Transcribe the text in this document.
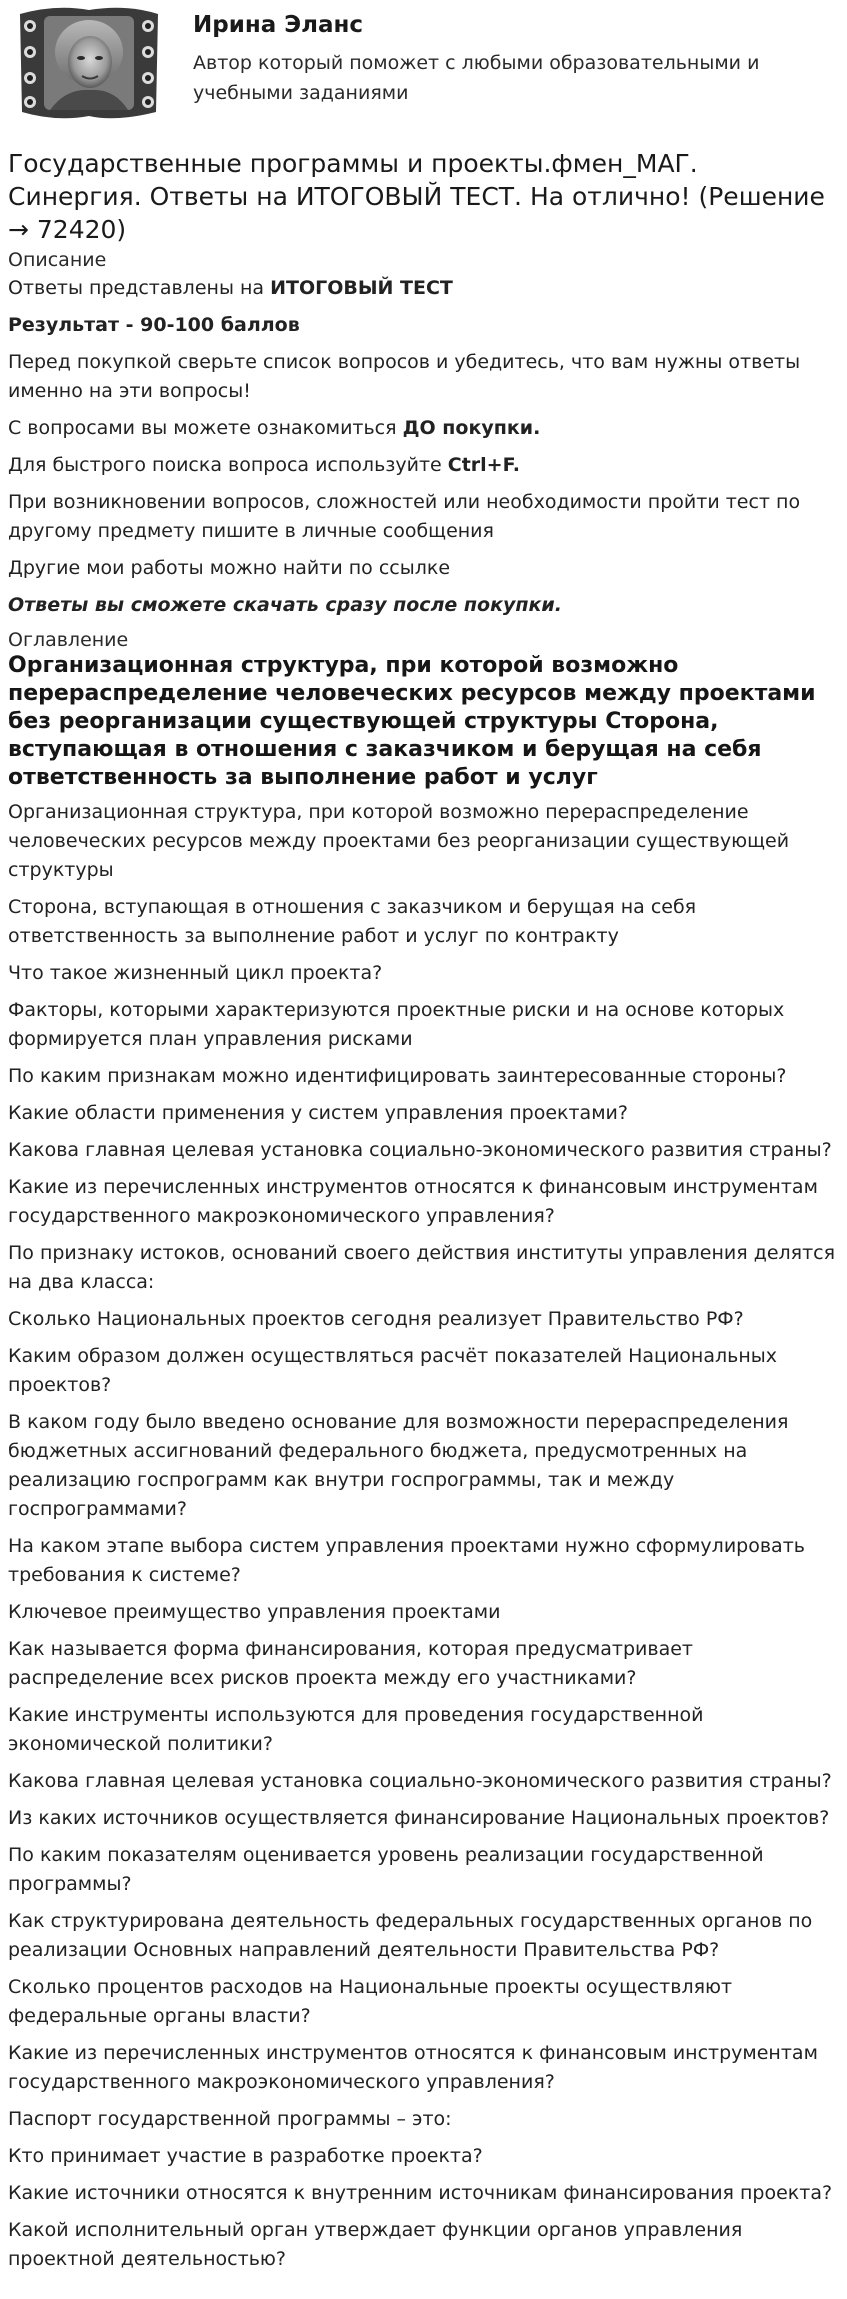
Ирина Эланс

Автор который поможет с любыми образовательными и учебными заданиями

Государственные программы и проекты.фмен_МАГ. Синергия. Ответы на ИТОГОВЫЙ ТЕСТ. На отлично! (Решение → 72420)
Описание

Ответы представлены на ИТОГОВЫЙ ТЕСТ

Результат - 90-100 баллов

Перед покупкой сверьте список вопросов и убедитесь, что вам нужны ответы именно на эти вопросы!

С вопросами вы можете ознакомиться ДО покупки.

Для быстрого поиска вопроса используйте Ctrl+F.

При возникновении вопросов, сложностей или необходимости пройти тест по другому предмету пишите в личные сообщения

Другие мои работы можно найти по ссылке

Ответы вы сможете скачать сразу после покупки.

Оглавление
Организационная структура, при которой возможно перераспределение человеческих ресурсов между проектами без реорганизации существующей структуры Сторона, вступающая в отношения с заказчиком и берущая на себя ответственность за выполнение работ и услуг

Организационная структура, при которой возможно перераспределение человеческих ресурсов между проектами без реорганизации существующей структуры

Сторона, вступающая в отношения с заказчиком и берущая на себя ответственность за выполнение работ и услуг по контракту

Что такое жизненный цикл проекта?

Факторы, которыми характеризуются проектные риски и на основе которых формируется план управления рисками

По каким признакам можно идентифицировать заинтересованные стороны?

Какие области применения у систем управления проектами?

Какова главная целевая установка социально-экономического развития страны?

Какие из перечисленных инструментов относятся к финансовым инструментам государственного макроэкономического управления?

По признаку истоков, оснований своего действия институты управления делятся на два класса:

Сколько Национальных проектов сегодня реализует Правительство РФ?

Каким образом должен осуществляться расчёт показателей Национальных проектов?

В каком году было введено основание для возможности перераспределения бюджетных ассигнований федерального бюджета, предусмотренных на реализацию госпрограмм как внутри госпрограммы, так и между госпрограммами?

На каком этапе выбора систем управления проектами нужно сформулировать требования к системе?

Ключевое преимущество управления проектами

Как называется форма финансирования, которая предусматривает распределение всех рисков проекта между его участниками?

Какие инструменты используются для проведения государственной экономической политики?

Какова главная целевая установка социально-экономического развития страны?

Из каких источников осуществляется финансирование Национальных проектов?

По каким показателям оценивается уровень реализации государственной программы?

Как структурирована деятельность федеральных государственных органов по реализации Основных направлений деятельности Правительства РФ?

Сколько процентов расходов на Национальные проекты осуществляют федеральные органы власти?

Какие из перечисленных инструментов относятся к финансовым инструментам государственного макроэкономического управления?

Паспорт государственной программы – это:

Кто принимает участие в разработке проекта?

Какие источники относятся к внутренним источникам финансирования проекта?

Какой исполнительный орган утверждает функции органов управления проектной деятельностью?
